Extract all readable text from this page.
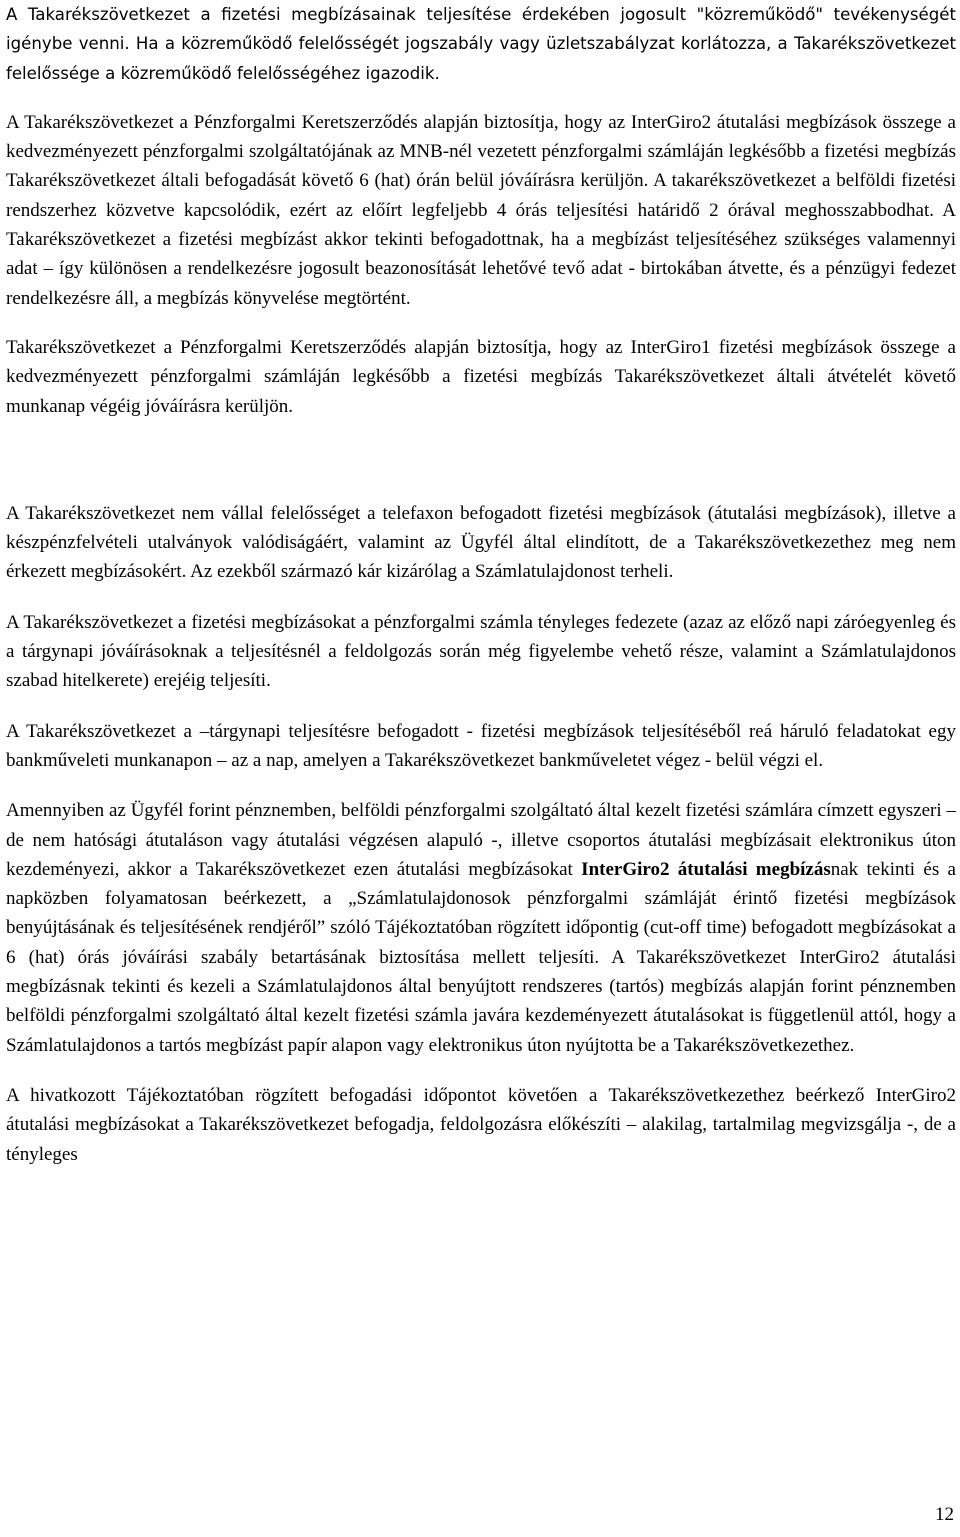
A Takarékszövetkezet a fizetési megbízásainak teljesítése érdekében jogosult "közreműködő" tevékenységét igénybe venni. Ha a közreműködő felelősségét jogszabály vagy üzletszabályzat korlátozza, a Takarékszövetkezet felelőssége a közreműködő felelősségéhez igazodik.

A Takarékszövetkezet a Pénzforgalmi Keretszerződés alapján biztosítja, hogy az InterGiro2 átutalási megbízások összege a kedvezményezett pénzforgalmi szolgáltatójának az MNB-nél vezetett pénzforgalmi számláján legkésőbb a fizetési megbízás Takarékszövetkezet általi befogadását követő 6 (hat) órán belül jóváírásra kerüljön. A takarékszövetkezet a belföldi fizetési rendszerhez közvetve kapcsolódik, ezért az előírt legfeljebb 4 órás teljesítési határidő 2 órával meghosszabbodhat. A Takarékszövetkezet a fizetési megbízást akkor tekinti befogadottnak, ha a megbízást teljesítéséhez szükséges valamennyi adat – így különösen a rendelkezésre jogosult beazonosítását lehetővé tevő adat - birtokában átvette, és a pénzügyi fedezet rendelkezésre áll, a megbízás könyvelése megtörtént.

Takarékszövetkezet a Pénzforgalmi Keretszerződés alapján biztosítja, hogy az InterGiro1 fizetési megbízások összege a kedvezményezett pénzforgalmi számláján legkésőbb a fizetési megbízás Takarékszövetkezet általi átvételét követő munkanap végéig jóváírásra kerüljön.

A Takarékszövetkezet nem vállal felelősséget a telefaxon befogadott fizetési megbízások (átutalási megbízások), illetve a készpénzfelvételi utalványok valódiságáért, valamint az Ügyfél által elindított, de a Takarékszövetkezethez meg nem érkezett megbízásokért. Az ezekből származó kár kizárólag a Számlatulajdonost terheli.

A Takarékszövetkezet a fizetési megbízásokat a pénzforgalmi számla tényleges fedezete (azaz az előző napi záróegyenleg és a tárgynapi jóváírásoknak a teljesítésnél a feldolgozás során még figyelembe vehető része, valamint a Számlatulajdonos szabad hitelkerete) erejéig teljesíti.

A Takarékszövetkezet a –tárgynapi teljesítésre befogadott - fizetési megbízások teljesítéséből reá háruló feladatokat egy bankműveleti munkanapon – az a nap, amelyen a Takarékszövetkezet bankműveletet végez - belül végzi el.

Amennyiben az Ügyfél forint pénznemben, belföldi pénzforgalmi szolgáltató által kezelt fizetési számlára címzett egyszeri – de nem hatósági átutaláson vagy átutalási végzésen alapuló -, illetve csoportos átutalási megbízásait elektronikus úton kezdeményezi, akkor a Takarékszövetkezet ezen átutalási megbízásokat InterGiro2 átutalási megbízásnak tekinti és a napközben folyamatosan beérkezett, a „Számlatulajdonosok pénzforgalmi számláját érintő fizetési megbízások benyújtásának és teljesítésének rendjéről” szóló Tájékoztatóban rögzített időpontig (cut-off time) befogadott megbízásokat a 6 (hat) órás jóváírási szabály betartásának biztosítása mellett teljesíti. A Takarékszövetkezet InterGiro2 átutalási megbízásnak tekinti és kezeli a Számlatulajdonos által benyújtott rendszeres (tartós) megbízás alapján forint pénznemben belföldi pénzforgalmi szolgáltató által kezelt fizetési számla javára kezdeményezett átutalásokat is függetlenül attól, hogy a Számlatulajdonos a tartós megbízást papír alapon vagy elektronikus úton nyújtotta be a Takarékszövetkezethez.

A hivatkozott Tájékoztatóban rögzített befogadási időpontot követően a Takarékszövetkezethez beérkező InterGiro2 átutalási megbízásokat a Takarékszövetkezet befogadja, feldolgozásra előkészíti – alakilag, tartalmilag megvizsgálja -, de a tényleges

12
